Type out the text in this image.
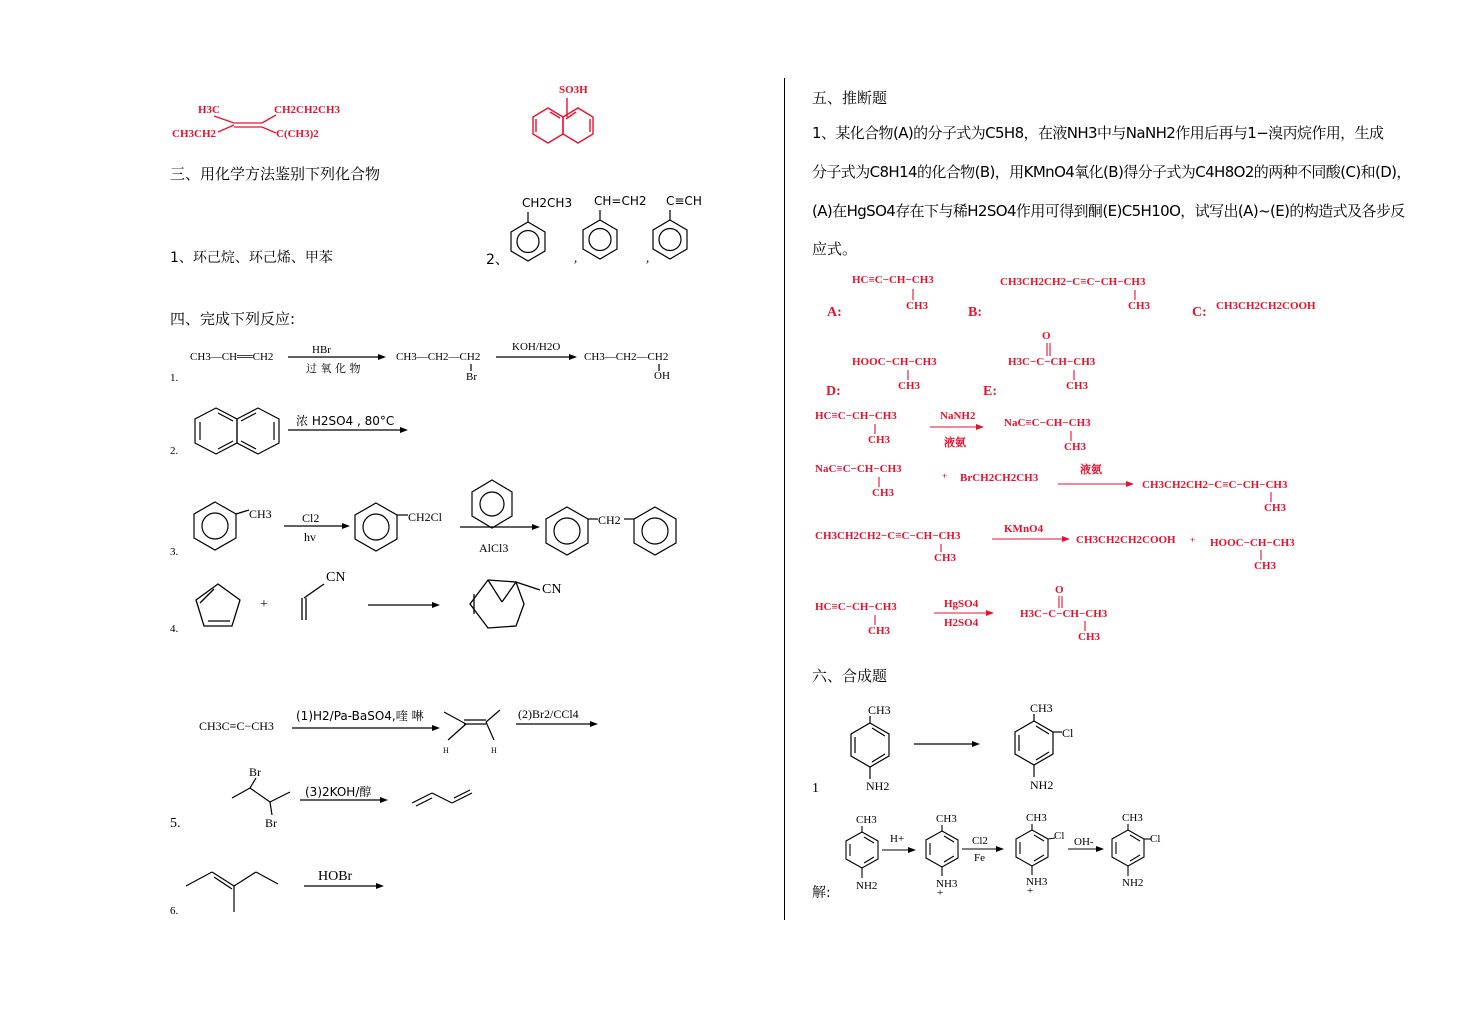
H3C	CH2CH2CH3
CH3CH2	C(CH3)2
SO3H
三、用化学方法鉴别下列化合物
1、环己烷、环己烯、甲苯	2、
CH2CH3 CH=CH2 C≡CH
,	,
四、完成下列反应:
1.
CH3—CH══CH2
HBr
过 氧 化 物
CH3—CH2—CH2
Br
KOH/H2O
CH3—CH2—CH2
OH
2.
浓 H2SO4 , 80°C
3.
CH3	Cl2
hv
CH2Cl
AlCl3
CH2
4.
+
CN
CN
5.
CH3C≡C−CH3
(1)H2/Pa-BaSO4,喹 啉
H	H
(2)Br2/CCl4
Br
Br
(3)2KOH/醇
6.
HOBr
五、推断题
1、某化合物(A)的分子式为C5H8，在液NH3中与NaNH2作用后再与1−溴丙烷作用，生成
分子式为C8H14的化合物(B)，用KMnO4氧化(B)得分子式为C4H8O2的两种不同酸(C)和(D)，
(A)在HgSO4存在下与稀H2SO4作用可得到酮(E)C5H10O，试写出(A)~(E)的构造式及各步反
应式。
HC≡C−CH−CH3
CH3
A:
CH3CH2CH2−C≡C−CH−CH3
CH3
B:	C: CH3CH2CH2COOH
HOOC−CH−CH3
CH3
D:
O
H3C−C−CH−CH3
CH3
E:
HC≡C−CH−CH3
CH3
NaNH2
液氨
NaC≡C−CH−CH3
CH3
NaC≡C−CH−CH3
CH3
+ BrCH2CH2CH3
液氨
CH3CH2CH2−C≡C−CH−CH3
CH3
CH3CH2CH2−C≡C−CH−CH3
CH3
KMnO4
CH3CH2CH2COOH + HOOC−CH−CH3
CH3
HC≡C−CH−CH3
CH3
HgSO4
H2SO4
O
H3C−C−CH−CH3
CH3
六、合成题
1
CH3
NH2
CH3
Cl
NH2
解:
CH3
NH2
H+
CH3
NH3
+
Cl2
Fe
CH3
Cl
NH3
+
OH-
CH3
Cl
NH2
